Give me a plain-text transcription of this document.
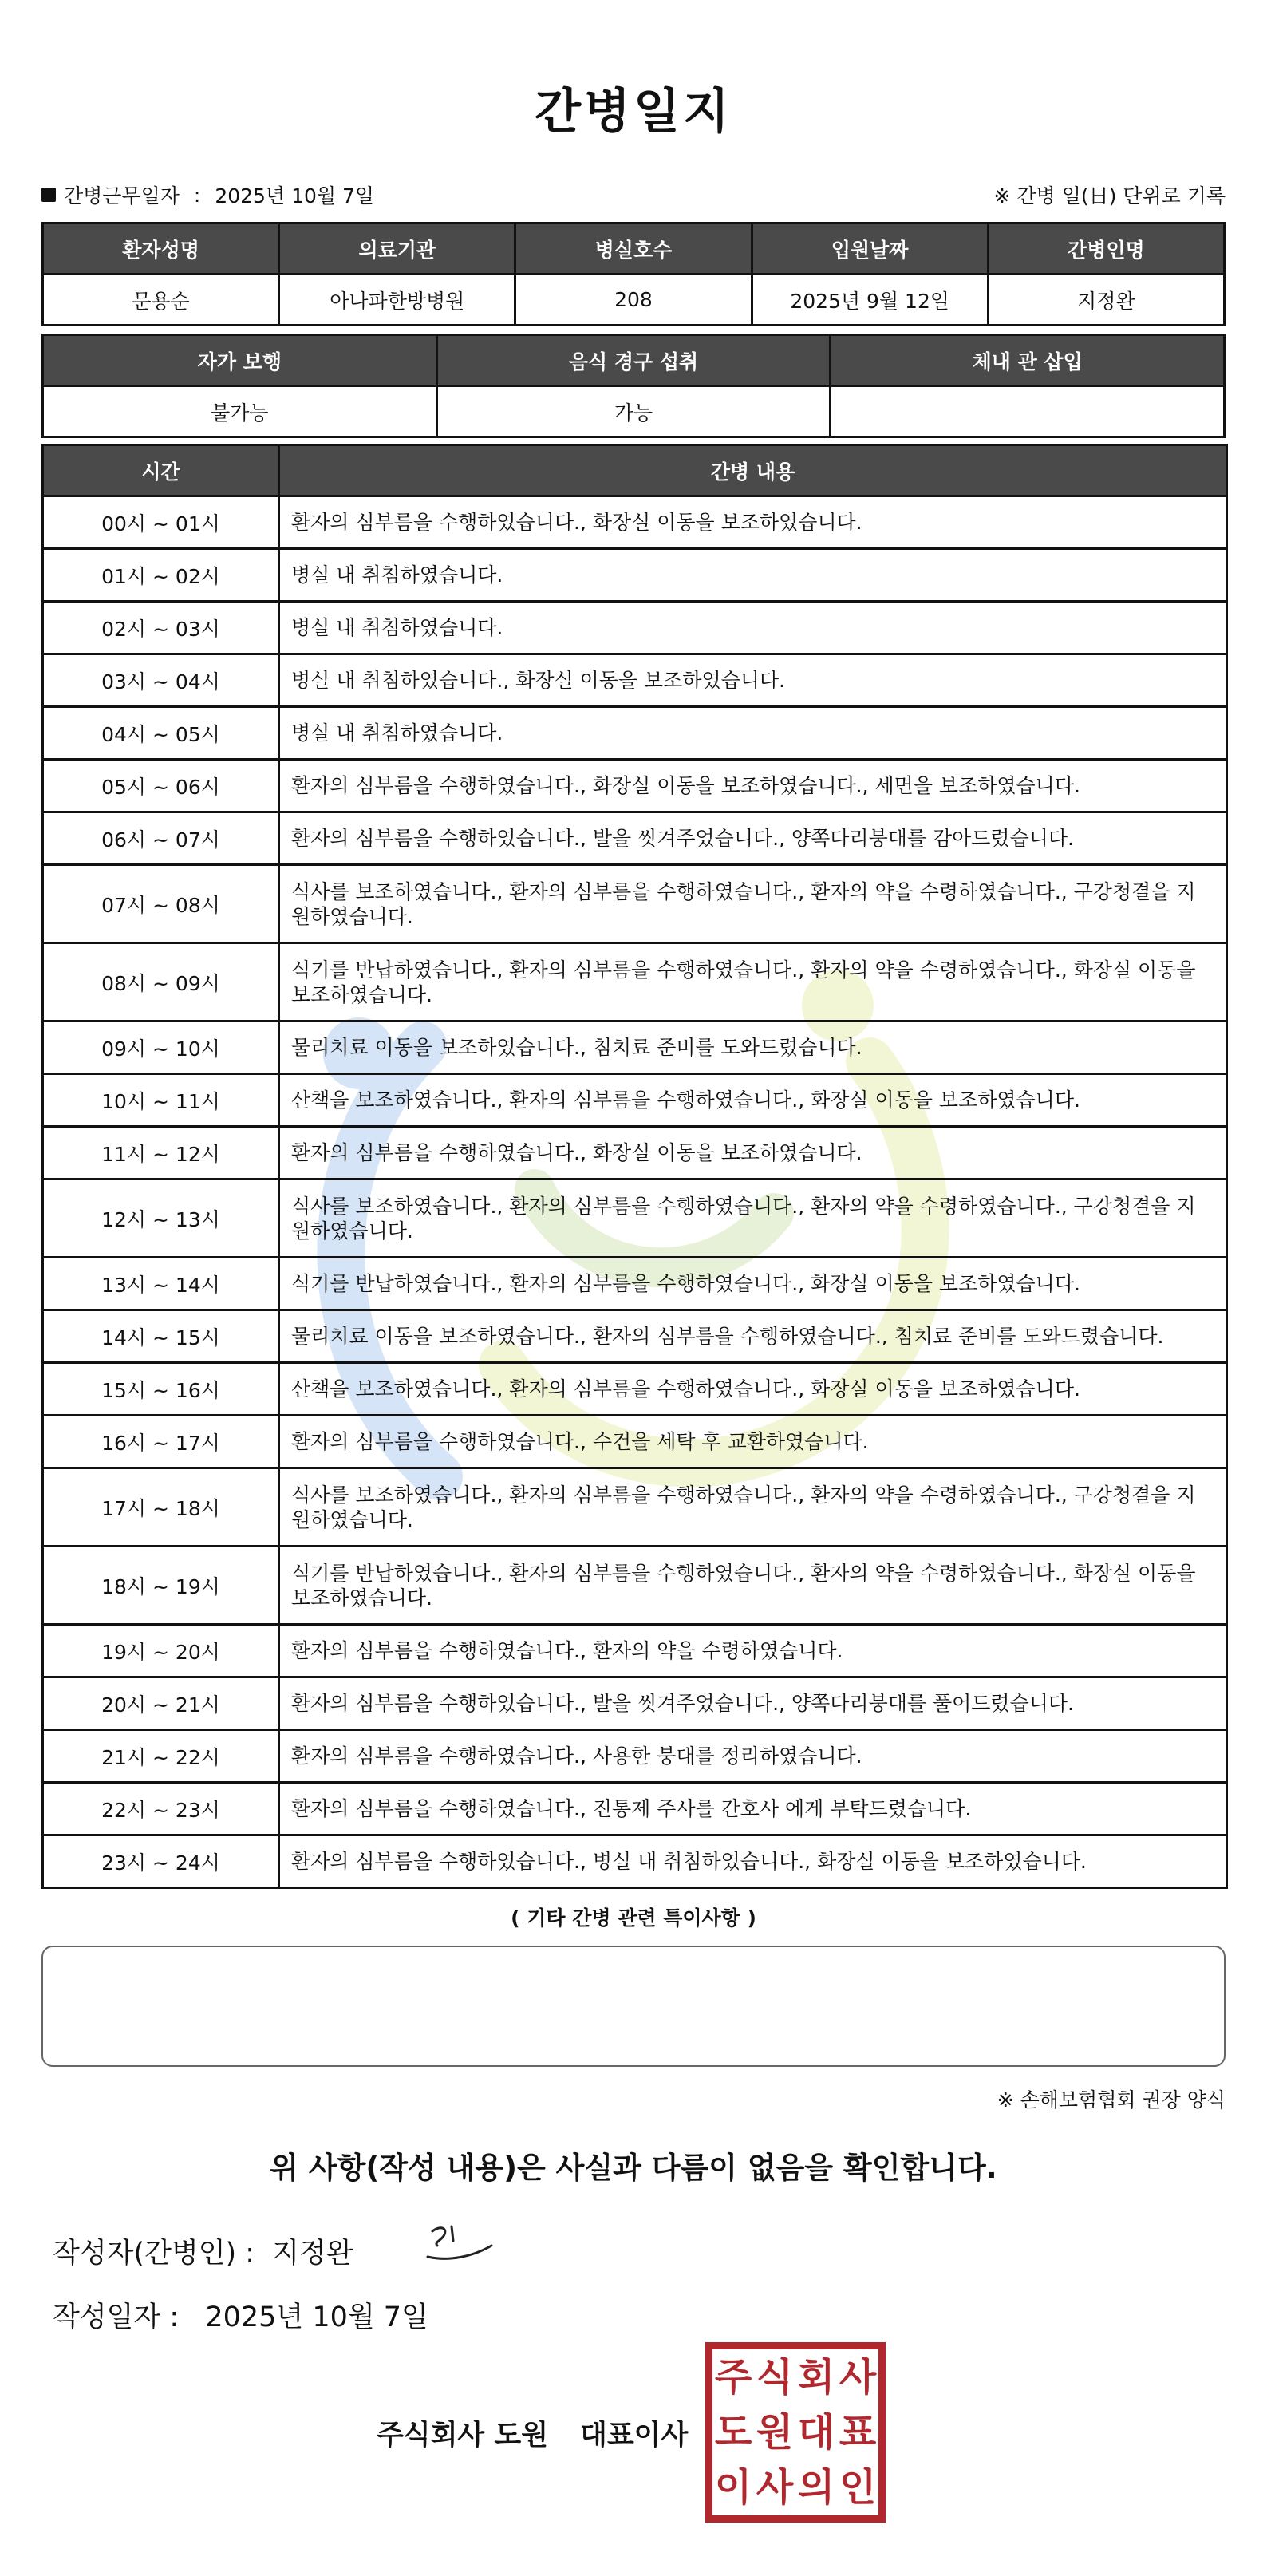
간병일지
간병근무일자 : 2025년 10월 7일	※ 간병 일(日) 단위로 기록
환자성명	의료기관	병실호수	입원날짜	간병인명
문용순	아나파한방병원	208	2025년 9월 12일	지정완
자가 보행	음식 경구 섭취	체내 관 삽입
불가능	가능	
시간	간병 내용
00시 ~ 01시	환자의 심부름을 수행하였습니다., 화장실 이동을 보조하였습니다.
01시 ~ 02시	병실 내 취침하였습니다.
02시 ~ 03시	병실 내 취침하였습니다.
03시 ~ 04시	병실 내 취침하였습니다., 화장실 이동을 보조하였습니다.
04시 ~ 05시	병실 내 취침하였습니다.
05시 ~ 06시	환자의 심부름을 수행하였습니다., 화장실 이동을 보조하였습니다., 세면을 보조하였습니다.
06시 ~ 07시	환자의 심부름을 수행하였습니다., 발을 씻겨주었습니다., 양쪽다리붕대를 감아드렸습니다.
07시 ~ 08시	식사를 보조하였습니다., 환자의 심부름을 수행하였습니다., 환자의 약을 수령하였습니다., 구강청결을 지원하였습니다.
08시 ~ 09시	식기를 반납하였습니다., 환자의 심부름을 수행하였습니다., 환자의 약을 수령하였습니다., 화장실 이동을 보조하였습니다.
09시 ~ 10시	물리치료 이동을 보조하였습니다., 침치료 준비를 도와드렸습니다.
10시 ~ 11시	산책을 보조하였습니다., 환자의 심부름을 수행하였습니다., 화장실 이동을 보조하였습니다.
11시 ~ 12시	환자의 심부름을 수행하였습니다., 화장실 이동을 보조하였습니다.
12시 ~ 13시	식사를 보조하였습니다., 환자의 심부름을 수행하였습니다., 환자의 약을 수령하였습니다., 구강청결을 지원하였습니다.
13시 ~ 14시	식기를 반납하였습니다., 환자의 심부름을 수행하였습니다., 화장실 이동을 보조하였습니다.
14시 ~ 15시	물리치료 이동을 보조하였습니다., 환자의 심부름을 수행하였습니다., 침치료 준비를 도와드렸습니다.
15시 ~ 16시	산책을 보조하였습니다., 환자의 심부름을 수행하였습니다., 화장실 이동을 보조하였습니다.
16시 ~ 17시	환자의 심부름을 수행하였습니다., 수건을 세탁 후 교환하였습니다.
17시 ~ 18시	식사를 보조하였습니다., 환자의 심부름을 수행하였습니다., 환자의 약을 수령하였습니다., 구강청결을 지원하였습니다.
18시 ~ 19시	식기를 반납하였습니다., 환자의 심부름을 수행하였습니다., 환자의 약을 수령하였습니다., 화장실 이동을 보조하였습니다.
19시 ~ 20시	환자의 심부름을 수행하였습니다., 환자의 약을 수령하였습니다.
20시 ~ 21시	환자의 심부름을 수행하였습니다., 발을 씻겨주었습니다., 양쪽다리붕대를 풀어드렸습니다.
21시 ~ 22시	환자의 심부름을 수행하였습니다., 사용한 붕대를 정리하였습니다.
22시 ~ 23시	환자의 심부름을 수행하였습니다., 진통제 주사를 간호사 에게 부탁드렸습니다.
23시 ~ 24시	환자의 심부름을 수행하였습니다., 병실 내 취침하였습니다., 화장실 이동을 보조하였습니다.
( 기타 간병 관련 특이사항 )
※ 손해보험협회 권장 양식
위 사항(작성 내용)은 사실과 다름이 없음을 확인합니다.
작성자(간병인) : 지정완
작성일자 : 2025년 10월 7일
주식회사 도원 대표이사
주 식 회 사
도 원 대 표
이 사 의 인
